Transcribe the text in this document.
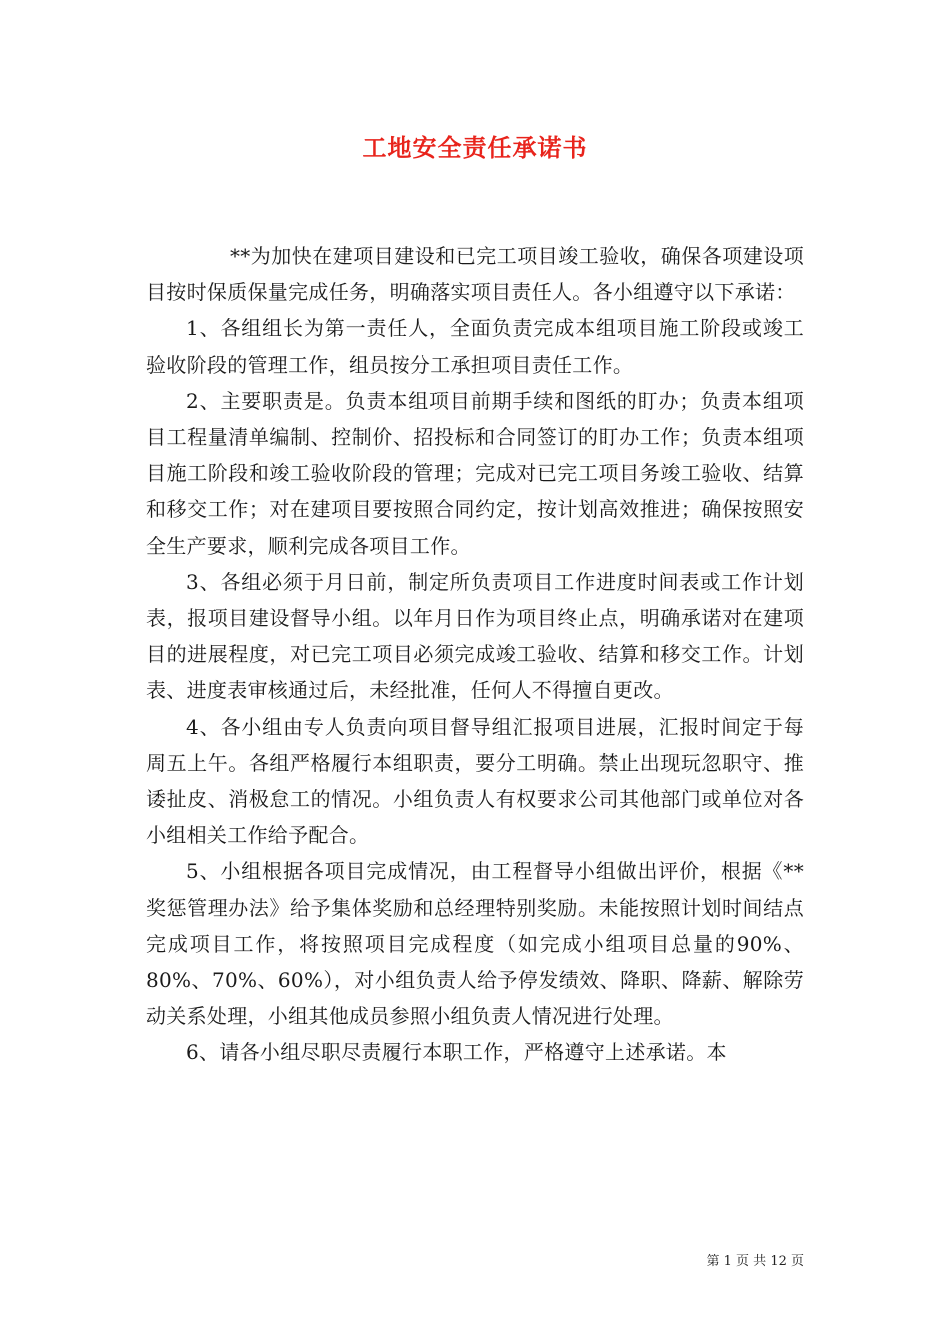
工地安全责任承诺书

**为加快在建项目建设和已完工项目竣工验收，确保各项建设项目按时保质保量完成任务，明确落实项目责任人。各小组遵守以下承诺：

1、各组组长为第一责任人，全面负责完成本组项目施工阶段或竣工验收阶段的管理工作，组员按分工承担项目责任工作。

2、主要职责是。负责本组项目前期手续和图纸的盯办；负责本组项目工程量清单编制、控制价、招投标和合同签订的盯办工作；负责本组项目施工阶段和竣工验收阶段的管理；完成对已完工项目务竣工验收、结算和移交工作；对在建项目要按照合同约定，按计划高效推进；确保按照安全生产要求，顺利完成各项目工作。

3、各组必须于月日前，制定所负责项目工作进度时间表或工作计划表，报项目建设督导小组。以年月日作为项目终止点，明确承诺对在建项目的进展程度，对已完工项目必须完成竣工验收、结算和移交工作。计划表、进度表审核通过后，未经批准，任何人不得擅自更改。

4、各小组由专人负责向项目督导组汇报项目进展，汇报时间定于每周五上午。各组严格履行本组职责，要分工明确。禁止出现玩忽职守、推诿扯皮、消极怠工的情况。小组负责人有权要求公司其他部门或单位对各小组相关工作给予配合。

5、小组根据各项目完成情况，由工程督导小组做出评价，根据《**奖惩管理办法》给予集体奖励和总经理特别奖励。未能按照计划时间结点完成项目工作，将按照项目完成程度（如完成小组项目总量的90%、80%、70%、60%），对小组负责人给予停发绩效、降职、降薪、解除劳动关系处理，小组其他成员参照小组负责人情况进行处理。

6、请各小组尽职尽责履行本职工作，严格遵守上述承诺。本

第 1 页 共 12 页
